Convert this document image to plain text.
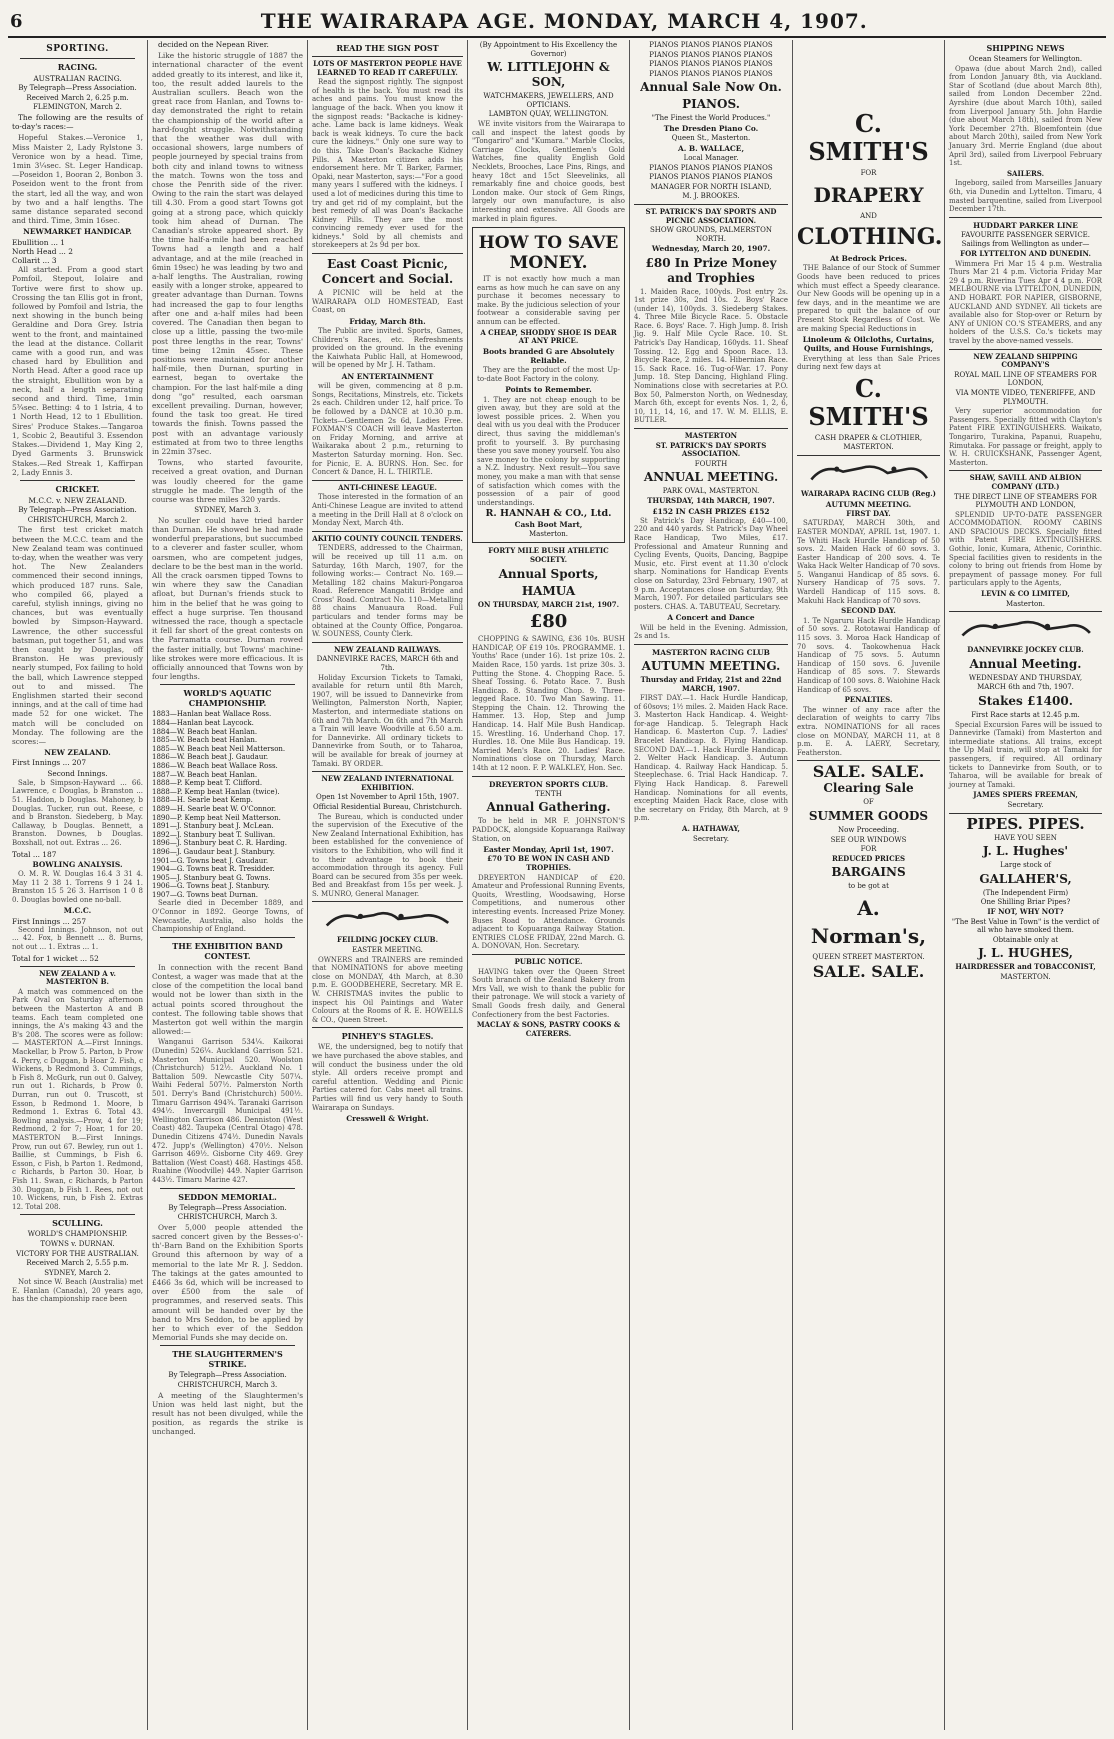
6	THE WAIRARAPA AGE. MONDAY, MARCH 4, 1907.
SPORTING.
RACING.
AUSTRALIAN RACING.
By Telegraph—Press Association.
Received March 2, 6.25 p.m.
FLEMINGTON, March 2.

The following are the results of to-day's races:—

Hopeful Stakes.—Veronice 1, Miss Maister 2, Lady Rylstone 3. Veronice won by a head. Time, 1min 3¼sec. St. Leger Handicap.—Poseidon 1, Booran 2, Bonbon 3. Poseidon went to the front from the start, led all the way, and won by two and a half lengths. The same distance separated second and third. Time, 3min 16sec.

NEWMARKET HANDICAP.
Ebullition ... 1
North Head ... 2
Collarit ... 3

All started. From a good start Pomfoil, Stepout, Iolaire and Tortive were first to show up. Crossing the tan Ellis got in front, followed by Pomfoil and Istria, the next showing in the bunch being Geraldine and Dora Grey. Istria went to the front, and maintained the lead at the distance. Collarit came with a good run, and was chased hard by Ebullition and North Head. After a good race up the straight, Ebullition won by a neck, half a length separating second and third. Time, 1min 5¾sec. Betting: 4 to 1 Istria, 4 to 1 North Head, 12 to 1 Ebullition. Sires' Produce Stakes.—Tangaroa 1, Scobic 2, Beautiful 3. Essendon Stakes.—Dividend 1, May King 2, Dyed Garments 3. Brunswick Stakes.—Red Streak 1, Kaffirpan 2, Lady Ennis 3.

CRICKET.
M.C.C. v. NEW ZEALAND.
By Telegraph—Press Association.
CHRISTCHURCH, March 2.

The first test cricket match between the M.C.C. team and the New Zealand team was continued to-day, when the weather was very hot. The New Zealanders commenced their second innings, which produced 187 runs. Sale, who compiled 66, played a careful, stylish innings, giving no chances, but was eventually bowled by Simpson-Hayward. Lawrence, the other successful batsman, put together 51, and was then caught by Douglas, off Branston. He was previously nearly stumped, Fox failing to hold the ball, which Lawrence stepped out to and missed. The Englishmen started their second innings, and at the call of time had made 52 for one wicket. The match will be concluded on Monday. The following are the scores:—

NEW ZEALAND.
First Innings ... 207
Second Innings.

Sale, b Simpson-Hayward ... 66. Lawrence, c Douglas, b Branston ... 51. Haddon, b Douglas. Mahoney, b Douglas. Tucker, run out. Reese, c and b Branston. Siedeberg, b May. Callaway, b Douglas. Bennett, a Branston. Downes, b Douglas. Boxshall, not out. Extras ... 26.

Total ... 187
BOWLING ANALYSIS.

O. M. R. W. Douglas 16.4 3 31 4. May 11 2 38 1. Torrens 9 1 24 1. Branston 15 5 26 3. Harrison 1 0 8 0. Douglas bowled one no-ball.

M.C.C.
First Innings ... 257

Second Innings. Johnson, not out ... 42. Fox, b Bennett ... 8. Burns, not out ... 1. Extras ... 1.

Total for 1 wicket ... 52
NEW ZEALAND A v. MASTERTON B.

A match was commenced on the Park Oval on Saturday afternoon between the Masterton A and B teams. Each team completed one innings, the A's making 43 and the B's 208. The scores were as follow:— MASTERTON A.—First Innings. Mackellar, b Prow 5. Parton, b Prow 4. Perry, c Duggan, b Hoar 2. Fish, c Wickens, b Redmond 3. Cummings, b Fish 8. McGurk, run out 0. Galvey, run out 1. Richards, b Prow 0. Durran, run out 0. Truscott, st Esson, b Redmond 1. Moore, b Redmond 1. Extras 6. Total 43. Bowling analysis.—Prow, 4 for 19; Redmond, 2 for 7; Hoar, 1 for 20. MASTERTON B.—First Innings. Prow, run out 67. Bewley, run out 1. Baillie, st Cummings, b Fish 6. Esson, c Fish, b Parton 1. Redmond, c Richards, b Parton 30. Hoar, b Fish 11. Swan, c Richards, b Parton 30. Duggan, b Fish 1. Rees, not out 10. Wickens, run, b Fish 2. Extras 12. Total 208.

SCULLING.
WORLD'S CHAMPIONSHIP.
TOWNS v. DURNAN.
VICTORY FOR THE AUSTRALIAN.
Received March 2, 5.55 p.m.
SYDNEY, March 2.

Not since W. Beach (Australia) met E. Hanlan (Canada), 20 years ago, has the championship race been

decided on the Nepean River.

Like the historic struggle of 1887 the international character of the event added greatly to its interest, and like it, too, the result added laurels to the Australian scullers. Beach won the great race from Hanlan, and Towns to-day demonstrated the right to retain the championship of the world after a hard-fought struggle. Notwithstanding that the weather was dull with occasional showers, large numbers of people journeyed by special trains from both city and inland towns to witness the match. Towns won the toss and chose the Penrith side of the river. Owing to the rain the start was delayed till 4.30. From a good start Towns got going at a strong pace, which quickly took him ahead of Durnan. The Canadian's stroke appeared short. By the time half-a-mile had been reached Towns had a length and a half advantage, and at the mile (reached in 6min 19sec) he was leading by two and a-half lengths. The Australian, rowing easily with a longer stroke, appeared to greater advantage than Durnan. Towns had increased the gap to four lengths after one and a-half miles had been covered. The Canadian then began to close up a little, passing the two-mile post three lengths in the rear, Towns' time being 12min 45sec. These positions were maintained for another half-mile, then Durnan, spurting in earnest, began to overtake the champion. For the last half-mile a ding dong "go" resulted, each oarsman excellent prevailing. Durnan, however, found the task too great. He tired towards the finish. Towns passed the post with an advantage variously estimated at from two to three lengths in 22min 37sec.

Towns, who started favourite, received a great ovation, and Durnan was loudly cheered for the game struggle he made. The length of the course was three miles 320 yards.

SYDNEY, March 3.

No sculler could have tried harder than Durnan. He showed he had made wonderful preparations, but succumbed to a cleverer and faster sculler, whom oarsmen, who are competent judges, declare to be the best man in the world. All the crack oarsmen tipped Towns to win where they saw the Canadian afloat, but Durnan's friends stuck to him in the belief that he was going to effect a huge surprise. Ten thousand witnessed the race, though a spectacle it fell far short of the great contests on the Parramatta course. Durnan rowed the faster initially, but Towns' machine-like strokes were more efficacious. It is officially announced that Towns won by four lengths.

WORLD'S AQUATIC CHAMPIONSHIP.
1883—Hanlan beat Wallace Ross.
1884—Hanlan beat Laycock.
1884—W. Beach beat Hanlan.
1885—W. Beach beat Hanlan.
1885—W. Beach beat Neil Matterson.
1886—W. Beach beat J. Gaudaur.
1886—W. Beach beat Wallace Ross.
1887—W. Beach beat Hanlan.
1888—P. Kemp beat T. Clifford.
1888—P. Kemp beat Hanlan (twice).
1888—H. Searle beat Kemp.
1889—H. Searle beat W. O'Connor.
1890—P. Kemp beat Neil Matterson.
1891—J. Stanbury beat J. McLean.
1892—J. Stanbury beat T. Sullivan.
1896—J. Stanbury beat C. R. Harding.
1896—J. Gaudaur beat J. Stanbury.
1901—G. Towns beat J. Gaudaur.
1904—G. Towns beat R. Tresidder.
1905—J. Stanbury beat G. Towns.
1906—G. Towns beat J. Stanbury.
1907—G. Towns beat Durnan.

Searle died in December 1889, and O'Connor in 1892. George Towns, of Newcastle, Australia, also holds the Championship of England.

THE EXHIBITION BAND CONTEST.

In connection with the recent Band Contest, a wager was made that at the close of the competition the local band would not be lower than sixth in the actual points scored throughout the contest. The following table shows that Masterton got well within the margin allowed:—

Wanganui Garrison 534¼. Kaikorai (Dunedin) 526¼. Auckland Garrison 521. Masterton Municipal 520. Woolston (Christchurch) 512½. Auckland No. 1 Battalion 509. Newcastle City 507¼. Waihi Federal 507½. Palmerston North 501. Derry's Band (Christchurch) 500½. Timaru Garrison 494¾. Taranaki Garrison 494½. Invercargill Municipal 491½. Wellington Garrison 486. Denniston (West Coast) 482. Taupeka (Central Otago) 478. Dunedin Citizens 474½. Dunedin Navals 472. Jupp's (Wellington) 470½. Nelson Garrison 469½. Gisborne City 469. Grey Battalion (West Coast) 468. Hastings 458. Ruahine (Woodville) 449. Napier Garrison 443½. Timaru Marine 427.

SEDDON MEMORIAL.
By Telegraph—Press Association.
CHRISTCHURCH, March 3.

Over 5,000 people attended the sacred concert given by the Besses-o'-th'-Barn Band on the Exhibition Sports Ground this afternoon by way of a memorial to the late Mr R. J. Seddon. The takings at the gates amounted to £466 3s 6d, which will be increased to over £500 from the sale of programmes, and reserved seats. This amount will be handed over by the band to Mrs Seddon, to be applied by her to which ever of the Seddon Memorial Funds she may decide on.

THE SLAUGHTERMEN'S STRIKE.
By Telegraph—Press Association.
CHRISTCHURCH, March 3.

A meeting of the Slaughtermen's Union was held last night, but the result has not been divulged, while the position, as regards the strike is unchanged.

READ THE SIGN POST
LOTS OF MASTERTON PEOPLE HAVE LEARNED TO READ IT CAREFULLY.

Read the signpost rightly. The signpost of health is the back. You must read its aches and pains. You must know the language of the back. When you know it the signpost reads: "Backache is kidney-ache. Lame back is lame kidneys. Weak back is weak kidneys. To cure the back cure the kidneys." Only one sure way to do this. Take Doan's Backache Kidney Pills. A Masterton citizen adds his endorsement here. Mr T. Barker, Farmer, Opaki, near Masterton, says:—"For a good many years I suffered with the kidneys. I used a lot of medicines during this time to try and get rid of my complaint, but the best remedy of all was Doan's Backache Kidney Pills. They are the most convincing remedy ever used for the kidneys." Sold by all chemists and storekeepers at 2s 9d per box.

East Coast Picnic, Concert and Social.

A PICNIC will be held at the WAIRARAPA OLD HOMESTEAD, East Coast, on

Friday, March 8th.

The Public are invited. Sports, Games, Children's Races, etc. Refreshments provided on the ground. In the evening the Kaiwhata Public Hall, at Homewood, will be opened by Mr J. H. Tatham.

AN ENTERTAINMENT

will be given, commencing at 8 p.m. Songs, Recitations, Minstrels, etc. Tickets 2s each. Children under 12, half price. To be followed by a DANCE at 10.30 p.m. Tickets—Gentlemen 2s 6d, Ladies Free. FOXMAN'S COACH will leave Masterton on Friday Morning, and arrive at Waikaraka about 2 p.m., returning to Masterton Saturday morning. Hon. Sec. for Picnic, E. A. BURNS. Hon. Sec. for Concert & Dance, H. L. THIRTLE.

ANTI-CHINESE LEAGUE.

Those interested in the formation of an Anti-Chinese League are invited to attend a meeting in the Drill Hall at 8 o'clock on Monday Next, March 4th.

AKITIO COUNTY COUNCIL TENDERS.

TENDERS, addressed to the Chairman, will be received up till 11 a.m. on Saturday, 16th March, 1907, for the following works:— Contract No. 169.—Metalling 182 chains Makuri-Pongaroa Road. Reference Mangatiti Bridge and Cross' Road. Contract No. 110—Metalling 88 chains Manuaura Road. Full particulars and tender forms may be obtained at the County Office, Pongaroa. W. SOUNESS, County Clerk.

NEW ZEALAND RAILWAYS.
DANNEVIRKE RACES, MARCH 6th and 7th.

Holiday Excursion Tickets to Tamaki, available for return until 8th March, 1907, will be issued to Dannevirke from Wellington, Palmerston North, Napier, Masterton, and intermediate stations on 6th and 7th March. On 6th and 7th March a Train will leave Woodville at 6.50 a.m. for Dannevirke. All ordinary tickets to Dannevirke from South, or to Taharoa, will be available for break of journey at Tamaki. BY ORDER.

NEW ZEALAND INTERNATIONAL EXHIBITION.
Open 1st November to April 15th, 1907.
Official Residential Bureau, Christchurch.

The Bureau, which is conducted under the supervision of the Executive of the New Zealand International Exhibition, has been established for the convenience of visitors to the Exhibition, who will find it to their advantage to book their accommodation through its agency. Full Board can be secured from 35s per week. Bed and Breakfast from 15s per week. J. S. MUNRO, General Manager.

FEILDING JOCKEY CLUB.
EASTER MEETING.

OWNERS and TRAINERS are reminded that NOMINATIONS for above meeting close on MONDAY, 4th March, at 8.30 p.m. E. GOODBEHERE, Secretary. MR E. W. CHRISTMAS invites the public to inspect his Oil Paintings and Water Colours at the Rooms of R. E. HOWELLS & CO., Queen Street.

PINHEY'S STAGLES.

WE, the undersigned, beg to notify that we have purchased the above stables, and will conduct the business under the old style. All orders receive prompt and careful attention. Wedding and Picnic Parties catered for. Cabs meet all trains. Parties will find us very handy to South Wairarapa on Sundays.

Cresswell & Wright.
(By Appointment to His Excellency the Governor)
W. LITTLEJOHN & SON,
WATCHMAKERS, JEWELLERS, AND OPTICIANS.
LAMBTON QUAY, WELLINGTON.

WE invite visitors from the Wairarapa to call and inspect the latest goods by "Tongariro" and "Kumara." Marble Clocks, Carriage Clocks, Gentlemen's Gold Watches, fine quality English Gold Necklets, Brooches, Lace Pins, Rings, and heavy 18ct and 15ct Sleevelinks, all remarkably fine and choice goods, best London make. Our stock of Gem Rings, largely our own manufacture, is also interesting and extensive. All Goods are marked in plain figures.

HOW TO SAVE MONEY.

IT is not exactly how much a man earns as how much he can save on any purchase it becomes necessary to make. By the judicious selection of your footwear a considerable saving per annum can be effected.

A CHEAP, SHODDY SHOE IS DEAR AT ANY PRICE.
Boots branded G are Absolutely Reliable.

They are the product of the most Up-to-date Boot Factory in the colony.

Points to Remember.

1. They are not cheap enough to be given away, but they are sold at the lowest possible prices. 2. When you deal with us you deal with the Producer direct, thus saving the middleman's profit to yourself. 3. By purchasing these you save money yourself. You also save money to the colony by supporting a N.Z. Industry. Next result—You save money, you make a man with that sense of satisfaction which comes with the possession of a pair of good understandings.

R. HANNAH & CO., Ltd.
Cash Boot Mart,
Masterton.
FORTY MILE BUSH ATHLETIC SOCIETY.
Annual Sports,
HAMUA
ON THURSDAY, MARCH 21st, 1907.
£80

CHOPPING & SAWING, £36 10s. BUSH HANDICAP, OF £19 10s. PROGRAMME. 1. Youths' Race (under 16). 1st prize 10s. 2. Maiden Race, 150 yards. 1st prize 30s. 3. Putting the Stone. 4. Chopping Race. 5. Sheaf Tossing. 6. Potato Race. 7. Bush Handicap. 8. Standing Chop. 9. Three-legged Race. 10. Two Man Sawing. 11. Stepping the Chain. 12. Throwing the Hammer. 13. Hop, Step and Jump Handicap. 14. Half Mile Bush Handicap. 15. Wrestling. 16. Underhand Chop. 17. Hurdles. 18. One Mile Bus Handicap. 19. Married Men's Race. 20. Ladies' Race. Nominations close on Thursday, March 14th at 12 noon. F. P. WALKLEY, Hon. Sec.

DREYERTON SPORTS CLUB.
TENTH
Annual Gathering.

To be held in MR F. JOHNSTON'S PADDOCK, alongside Kopuaranga Railway Station, on

Easter Monday, April 1st, 1907.
£70 TO BE WON IN CASH AND TROPHIES.

DREYERTON HANDICAP of £20. Amateur and Professional Running Events, Quoits, Wrestling, Woodsawing, Horse Competitions, and numerous other interesting events. Increased Prize Money. Buses Road to Attendance. Grounds adjacent to Kopuaranga Railway Station. ENTRIES CLOSE FRIDAY, 22nd March. G. A. DONOVAN, Hon. Secretary.

PUBLIC NOTICE.

HAVING taken over the Queen Street South branch of the Zealand Bakery from Mrs Vall, we wish to thank the public for their patronage. We will stock a variety of Small Goods fresh daily, and General Confectionery from the best Factories.

MACLAY & SONS, PASTRY COOKS & CATERERS.
PIANOS PIANOS PIANOS PIANOS
PIANOS PIANOS PIANOS PIANOS
PIANOS PIANOS PIANOS PIANOS
PIANOS PIANOS PIANOS PIANOS
Annual Sale Now On.
PIANOS.
"The Finest the World Produces."
The Dresden Piano Co.
Queen St., Masterton.
A. B. WALLACE,
Local Manager.
PIANOS PIANOS PIANOS PIANOS
PIANOS PIANOS PIANOS PIANOS
MANAGER FOR NORTH ISLAND,
M. J. BROOKES.
ST. PATRICK'S DAY SPORTS AND PICNIC ASSOCIATION.
SHOW GROUNDS, PALMERSTON NORTH.
Wednesday, March 20, 1907.
£80 In Prize Money and Trophies

1. Maiden Race, 100yds. Post entry 2s. 1st prize 30s, 2nd 10s. 2. Boys' Race (under 14), 100yds. 3. Siedeberg Stakes. 4. Three Mile Bicycle Race. 5. Obstacle Race. 6. Boys' Race. 7. High Jump. 8. Irish Jig. 9. Half Mile Cycle Race. 10. St. Patrick's Day Handicap, 160yds. 11. Sheaf Tossing. 12. Egg and Spoon Race. 13. Bicycle Race, 2 miles. 14. Hibernian Race. 15. Sack Race. 16. Tug-of-War. 17. Pony Jump. 18. Step Dancing, Highland Fling. Nominations close with secretaries at P.O. Box 50, Palmerston North, on Wednesday, March 6th, except for events Nos. 1, 2, 6, 10, 11, 14, 16, and 17. W. M. ELLIS, E. BUTLER.

MASTERTON
ST. PATRICK'S DAY SPORTS ASSOCIATION.
FOURTH
ANNUAL MEETING.
PARK OVAL, MASTERTON.
THURSDAY, 14th MARCH, 1907.
£152 IN CASH PRIZES £152

St Patrick's Day Handicap, £40—100, 220 and 440 yards. St Patrick's Day Wheel Race Handicap, Two Miles, £17. Professional and Amateur Running and Cycling Events, Quoits, Dancing, Bagpipe Music, etc. First event at 11.30 o'clock sharp. Nominations for Handicap Events close on Saturday, 23rd February, 1907, at 9 p.m. Acceptances close on Saturday, 9th March, 1907. For detailed particulars see posters. CHAS. A. TABUTEAU, Secretary.

A Concert and Dance

Will be held in the Evening. Admission, 2s and 1s.

MASTERTON RACING CLUB
AUTUMN MEETING.
Thursday and Friday, 21st and 22nd MARCH, 1907.

FIRST DAY.—1. Hack Hurdle Handicap, of 60sovs; 1½ miles. 2. Maiden Hack Race. 3. Masterton Hack Handicap. 4. Weight-for-age Handicap. 5. Telegraph Hack Handicap. 6. Masterton Cup. 7. Ladies' Bracelet Handicap. 8. Flying Handicap. SECOND DAY.—1. Hack Hurdle Handicap. 2. Welter Hack Handicap. 3. Autumn Handicap. 4. Railway Hack Handicap. 5. Steeplechase. 6. Trial Hack Handicap. 7. Flying Hack Handicap. 8. Farewell Handicap. Nominations for all events, excepting Maiden Hack Race, close with the secretary on Friday, 8th March, at 9 p.m.

A. HATHAWAY,
Secretary.
C. SMITH'S
FOR
DRAPERY
AND
CLOTHING.
At Bedrock Prices.

THE Balance of our Stock of Summer Goods have been reduced to prices which must effect a Speedy clearance. Our New Goods will be opening up in a few days, and in the meantime we are prepared to quit the balance of our Present Stock Regardless of Cost. We are making Special Reductions in

Linoleum & Oilcloths, Curtains, Quilts, and House Furnishings,

Everything at less than Sale Prices during next few days at

C. SMITH'S
CASH DRAPER & CLOTHIER,
MASTERTON.
WAIRARAPA RACING CLUB (Reg.)
AUTUMN MEETING.
FIRST DAY.

SATURDAY, MARCH 30th, and EASTER MONDAY, APRIL 1st, 1907. 1. Te Whiti Hack Hurdle Handicap of 50 sovs. 2. Maiden Hack of 60 sovs. 3. Easter Handicap of 200 sovs. 4. Te Waka Hack Welter Handicap of 70 sovs. 5. Wanganui Handicap of 85 sovs. 6. Nursery Handicap of 75 sovs. 7. Wardell Handicap of 115 sovs. 8. Makuhi Hack Handicap of 70 sovs.

SECOND DAY.

1. Te Ngaruru Hack Hurdle Handicap of 50 sovs. 2. Rototawai Handicap of 115 sovs. 3. Moroa Hack Handicap of 70 sovs. 4. Taokowhenua Hack Handicap of 75 sovs. 5. Autumn Handicap of 150 sovs. 6. Juvenile Handicap of 85 sovs. 7. Stewards Handicap of 100 sovs. 8. Waiohine Hack Handicap of 65 sovs.

PENALTIES.

The winner of any race after the declaration of weights to carry 7lbs extra. NOMINATIONS for all races close on MONDAY, MARCH 11, at 8 p.m. E. A. LAERY, Secretary, Featherston.

SALE. SALE.
Clearing Sale
OF
SUMMER GOODS
Now Proceeding.
SEE OUR WINDOWS
FOR
REDUCED PRICES
BARGAINS
to be got at
A. Norman's,
QUEEN STREET MASTERTON.
SALE. SALE.
SHIPPING NEWS
Ocean Steamers for Wellington.

Opawa (due about March 2nd), called from London January 8th, via Auckland. Star of Scotland (due about March 8th), sailed from London December 22nd. Ayrshire (due about March 10th), sailed from Liverpool January 5th. John Hardie (due about March 18th), sailed from New York December 27th. Bloemfontein (due about March 20th), sailed from New York January 3rd. Merrie England (due about April 3rd), sailed from Liverpool February 1st.

SAILERS.

Ingeborg, sailed from Marseilles January 6th, via Dunedin and Lyttelton. Timaru, 4 masted barquentine, sailed from Liverpool December 17th.

HUDDART PARKER LINE
FAVOURITE PASSENGER SERVICE.
Sailings from Wellington as under—
FOR LYTTELTON AND DUNEDIN.

Wimmera Fri Mar 15 4 p.m. Westralia Thurs Mar 21 4 p.m. Victoria Friday Mar 29 4 p.m. Riverina Tues Apr 4 4 p.m. FOR MELBOURNE via LYTTELTON, DUNEDIN, AND HOBART. FOR NAPIER, GISBORNE, AUCKLAND AND SYDNEY. All tickets are available also for Stop-over or Return by ANY of UNION CO.'S STEAMERS, and any holders of the U.S.S. Co.'s tickets may travel by the above-named vessels.

NEW ZEALAND SHIPPING COMPANY'S
ROYAL MAIL LINE OF STEAMERS FOR LONDON,
VIA MONTE VIDEO, TENERIFFE, AND PLYMOUTH.

Very superior accommodation for Passengers. Specially fitted with Clayton's Patent FIRE EXTINGUISHERS. Waikato, Tongariro, Turakina, Papanui, Ruapehu, Rimutaka. For passage or freight, apply to W. H. CRUICKSHANK, Passenger Agent, Masterton.

SHAW, SAVILL AND ALBION COMPANY (LTD.)
THE DIRECT LINE OF STEAMERS FOR PLYMOUTH AND LONDON,

SPLENDID UP-TO-DATE PASSENGER ACCOMMODATION. ROOMY CABINS AND SPACIOUS DECKS. Specially fitted with Patent FIRE EXTINGUISHERS. Gothic, Ionic, Kumara, Athenic, Corinthic. Special facilities given to residents in the colony to bring out friends from Home by prepayment of passage money. For full particulars apply to the Agents,

LEVIN & CO LIMITED,
Masterton.
DANNEVIRKE JOCKEY CLUB.
Annual Meeting.
WEDNESDAY AND THURSDAY,
MARCH 6th and 7th, 1907.
Stakes £1400.
First Race starts at 12.45 p.m.

Special Excursion Fares will be issued to Dannevirke (Tamaki) from Masterton and intermediate stations. All trains, except the Up Mail train, will stop at Tamaki for passengers, if required. All ordinary tickets to Dannevirke from South, or to Taharoa, will be available for break of journey at Tamaki.

JAMES SPIERS FREEMAN,
Secretary.
PIPES. PIPES.
HAVE YOU SEEN
J. L. Hughes'
Large stock of
GALLAHER'S,
(The Independent Firm)
One Shilling Briar Pipes?
IF NOT, WHY NOT?
"The Best Value in Town" is the verdict of all who have smoked them.
Obtainable only at
J. L. HUGHES,
HAIRDRESSER and TOBACCONIST,
MASTERTON.
